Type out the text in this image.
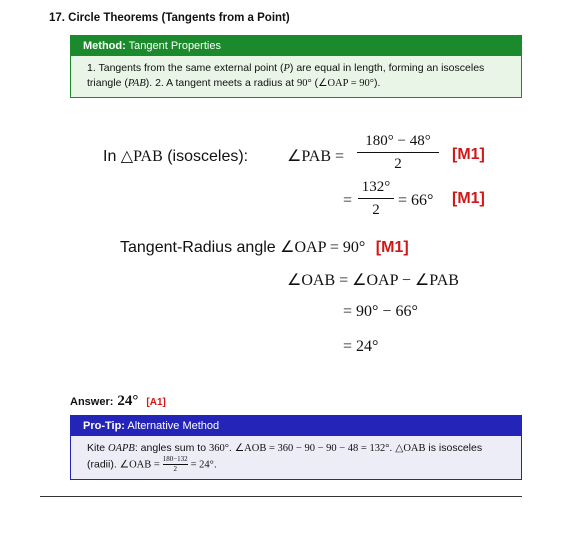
17. Circle Theorems (Tangents from a Point)
Method: Tangent Properties
1. Tangents from the same external point (P) are equal in length, forming an isosceles triangle (PAB). 2. A tangent meets a radius at 90° (∠OAP = 90°).
In △PAB (isosceles): ∠PAB =
180° − 48°
2
[M1]
=
132°
2
= 66° [M1]
Tangent-Radius angle ∠OAP = 90° [M1]
∠OAB = ∠OAP − ∠PAB
= 90° − 66°
= 24°
Answer: 24° [A1]
Pro-Tip: Alternative Method
Kite OAPB: angles sum to 360°. ∠AOB = 360 − 90 − 90 − 48 = 132°. △OAB is isosceles (radii). ∠OAB = $\frac{180-132}{2} = 24^\circ$.
